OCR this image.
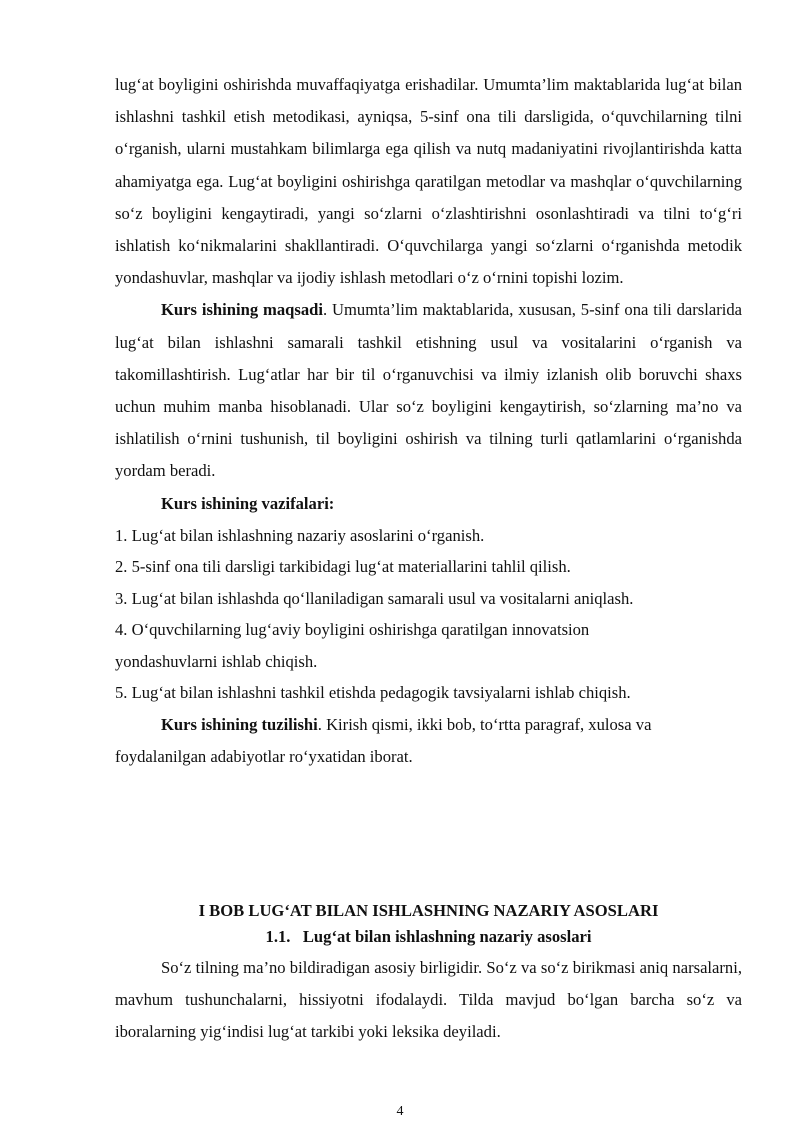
lug‘at boyligini oshirishda muvaffaqiyatga erishadilar. Umumta’lim maktablarida lug‘at bilan ishlashni tashkil etish metodikasi, ayniqsa, 5-sinf ona tili darsligida, o‘quvchilarning tilni o‘rganish, ularni mustahkam bilimlarga ega qilish va nutq madaniyatini rivojlantirishda katta ahamiyatga ega. Lug‘at boyligini oshirishga qaratilgan metodlar va mashqlar o‘quvchilarning so‘z boyligini kengaytiradi, yangi so‘zlarni o‘zlashtirishni osonlashtiradi va tilni to‘g‘ri ishlatish ko‘nikmalarini shakllantiradi. O‘quvchilarga yangi so‘zlarni o‘rganishda metodik yondashuvlar, mashqlar va ijodiy ishlash metodlari o‘z o‘rnini topishi lozim.

Kurs ishining maqsadi. Umumta’lim maktablarida, xususan, 5-sinf ona tili darslarida lug‘at bilan ishlashni samarali tashkil etishning usul va vositalarini o‘rganish va takomillashtirish. Lug‘atlar har bir til o‘rganuvchisi va ilmiy izlanish olib boruvchi shaxs uchun muhim manba hisoblanadi. Ular so‘z boyligini kengaytirish, so‘zlarning ma’no va ishlatilish o‘rnini tushunish, til boyligini oshirish va tilning turli qatlamlarini o‘rganishda yordam beradi.

Kurs ishining vazifalari:

1. Lug‘at bilan ishlashning nazariy asoslarini o‘rganish.

2. 5-sinf ona tili darsligi tarkibidagi lug‘at materiallarini tahlil qilish.

3. Lug‘at bilan ishlashda qo‘llaniladigan samarali usul va vositalarni aniqlash.

4. O‘quvchilarning lug‘aviy boyligini oshirishga qaratilgan innovatsion yondashuvlarni ishlab chiqish.

5. Lug‘at bilan ishlashni tashkil etishda pedagogik tavsiyalarni ishlab chiqish.

Kurs ishining tuzilishi. Kirish qismi, ikki bob, to‘rtta paragraf, xulosa va foydalanilgan adabiyotlar ro‘yxatidan iborat.

I BOB LUG‘AT BILAN ISHLASHNING NAZARIY ASOSLARI
1.1.   Lug‘at bilan ishlashning nazariy asoslari

So‘z tilning ma’no bildiradigan asosiy birligidir. So‘z va so‘z birikmasi aniq narsalarni, mavhum tushunchalarni, hissiyotni ifodalaydi. Tilda mavjud bo‘lgan barcha so‘z va iboralarning yig‘indisi lug‘at tarkibi yoki leksika deyiladi.

4
